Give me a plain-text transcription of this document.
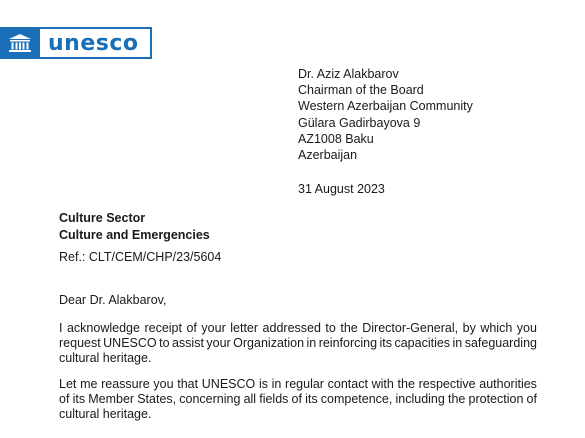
unesco
Dr. Aziz Alakbarov
Chairman of the Board
Western Azerbaijan Community
Gülara Gadirbayova 9
AZ1008 Baku
Azerbaijan
31 August 2023
Culture Sector
Culture and Emergencies
Ref.: CLT/CEM/CHP/23/5604
Dear Dr. Alakbarov,
I acknowledge receipt of your letter addressed to the Director-General, by which you
request UNESCO to assist your Organization in reinforcing its capacities in safeguarding
cultural heritage.
Let me reassure you that UNESCO is in regular contact with the respective authorities
of its Member States, concerning all fields of its competence, including the protection of
cultural heritage.
